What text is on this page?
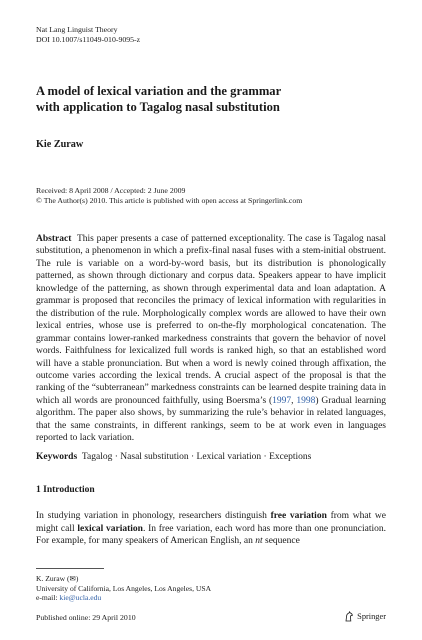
Nat Lang Linguist Theory
DOI 10.1007/s11049-010-9095-z
A model of lexical variation and the grammar
with application to Tagalog nasal substitution
Kie Zuraw
Received: 8 April 2008 / Accepted: 2 June 2009
© The Author(s) 2010. This article is published with open access at Springerlink.com
Abstract This paper presents a case of patterned exceptionality. The case is Tagalog nasal substitution, a phenomenon in which a prefix-final nasal fuses with a stem-initial obstruent. The rule is variable on a word-by-word basis, but its distribution is phonologically patterned, as shown through dictionary and corpus data. Speakers appear to have implicit knowledge of the patterning, as shown through experimental data and loan adaptation. A grammar is proposed that reconciles the primacy of lexical information with regularities in the distribution of the rule. Morphologically complex words are allowed to have their own lexical entries, whose use is preferred to on-the-fly morphological concatenation. The grammar contains lower-ranked markedness constraints that govern the behavior of novel words. Faithfulness for lexicalized full words is ranked high, so that an established word will have a stable pronunciation. But when a word is newly coined through affixation, the outcome varies according the lexical trends. A crucial aspect of the proposal is that the ranking of the “subterranean” markedness constraints can be learned despite training data in which all words are pronounced faithfully, using Boersma’s (1997, 1998) Gradual learning algorithm. The paper also shows, by summarizing the rule’s behavior in related languages, that the same constraints, in different rankings, seem to be at work even in languages reported to lack variation.
Keywords Tagalog · Nasal substitution · Lexical variation · Exceptions
1 Introduction
In studying variation in phonology, researchers distinguish free variation from what we might call lexical variation. In free variation, each word has more than one pronunciation. For example, for many speakers of American English, an nt sequence
K. Zuraw (✉)
University of California, Los Angeles, Los Angeles, USA
e-mail: kie@ucla.edu
Published online: 29 April 2010	Springer
